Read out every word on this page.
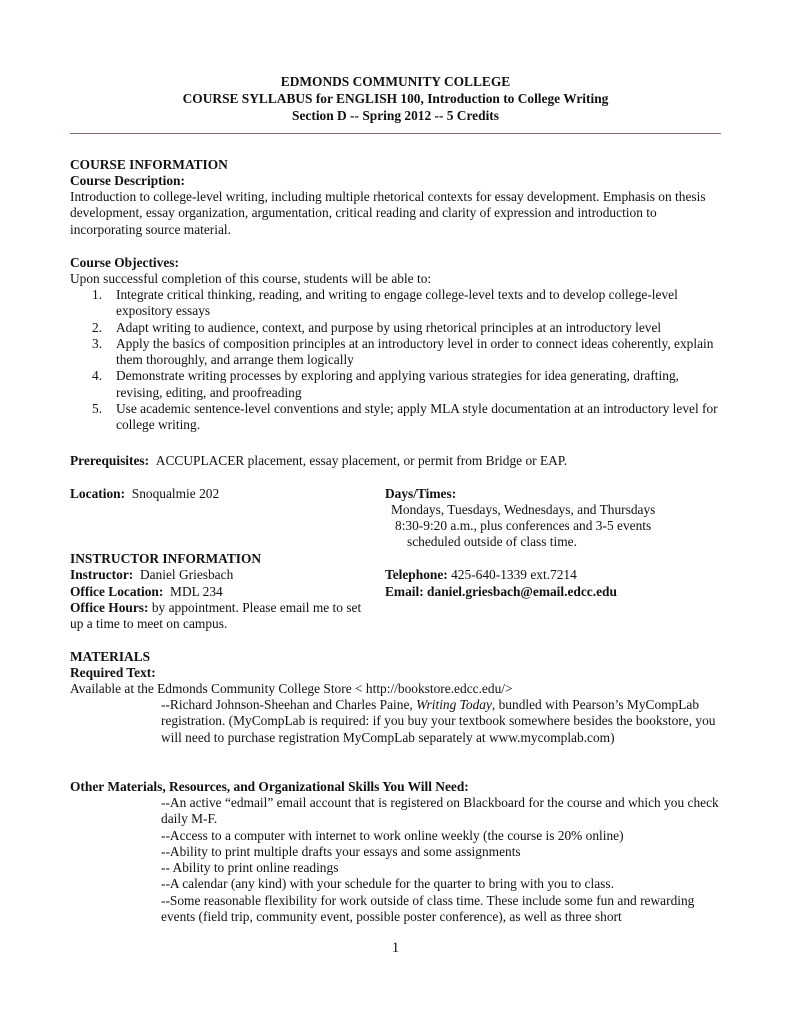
EDMONDS COMMUNITY COLLEGE
COURSE SYLLABUS for ENGLISH 100, Introduction to College Writing
Section D -- Spring 2012 -- 5 Credits
COURSE INFORMATION
Course Description:
Introduction to college-level writing, including multiple rhetorical contexts for essay development. Emphasis on thesis development, essay organization, argumentation, critical reading and clarity of expression and introduction to incorporating source material.
Course Objectives:
Upon successful completion of this course, students will be able to:
1. Integrate critical thinking, reading, and writing to engage college-level texts and to develop college-level expository essays
2. Adapt writing to audience, context, and purpose by using rhetorical principles at an introductory level
3. Apply the basics of composition principles at an introductory level in order to connect ideas coherently, explain them thoroughly, and arrange them logically
4. Demonstrate writing processes by exploring and applying various strategies for idea generating, drafting, revising, editing, and proofreading
5. Use academic sentence-level conventions and style; apply MLA style documentation at an introductory level for college writing.
Prerequisites: ACCUPLACER placement, essay placement, or permit from Bridge or EAP.
Location: Snoqualmie 202	Days/Times:
Mondays, Tuesdays, Wednesdays, and Thursdays
8:30-9:20 a.m., plus conferences and 3-5 events
scheduled outside of class time.
INSTRUCTOR INFORMATION
Instructor: Daniel Griesbach
Office Location: MDL 234
Office Hours: by appointment. Please email me to set up a time to meet on campus.
Telephone: 425-640-1339 ext.7214
Email: daniel.griesbach@email.edcc.edu
MATERIALS
Required Text:
Available at the Edmonds Community College Store < http://bookstore.edcc.edu/>
--Richard Johnson-Sheehan and Charles Paine, Writing Today, bundled with Pearson’s MyCompLab registration. (MyCompLab is required: if you buy your textbook somewhere besides the bookstore, you will need to purchase registration MyCompLab separately at www.mycomplab.com)
Other Materials, Resources, and Organizational Skills You Will Need:
--An active “edmail” email account that is registered on Blackboard for the course and which you check daily M-F.
--Access to a computer with internet to work online weekly (the course is 20% online)
--Ability to print multiple drafts your essays and some assignments
-- Ability to print online readings
--A calendar (any kind) with your schedule for the quarter to bring with you to class.
--Some reasonable flexibility for work outside of class time. These include some fun and rewarding events (field trip, community event, possible poster conference), as well as three short
1
